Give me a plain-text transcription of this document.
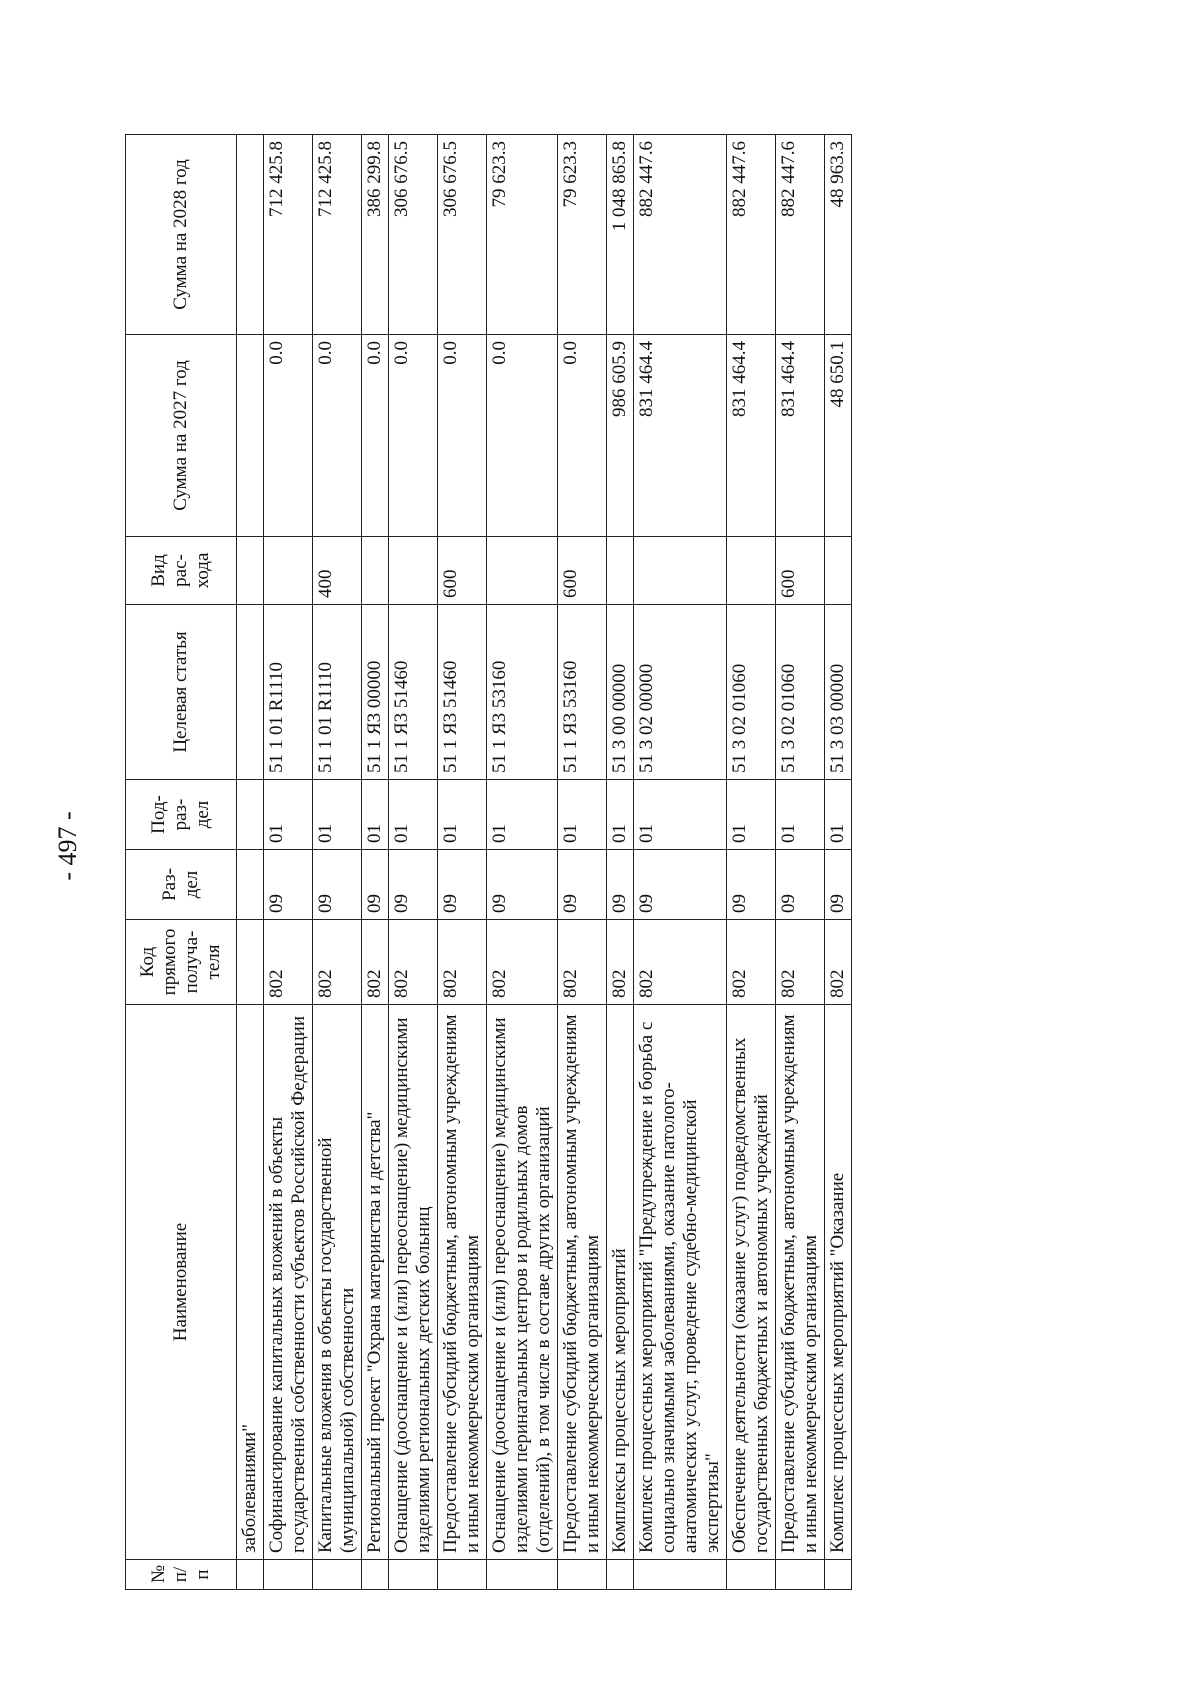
- 497 -
№ п/п	Наименование	Код прямого получа-теля	Раз-дел	Под-раз-дел	Целевая статья	Вид рас-хода	Сумма на 2027 год	Сумма на 2028 год
	заболеваниями"							
	Софинансирование капитальных вложений в объекты государственной собственности субъектов Российской Федерации	802	09	01	51 1 01 R1110		0.0	712 425.8
	Капитальные вложения в объекты государственной (муниципальной) собственности	802	09	01	51 1 01 R1110	400	0.0	712 425.8
	Региональный проект "Охрана материнства и детства"	802	09	01	51 1 Я3 00000		0.0	386 299.8
	Оснащение (дооснащение и (или) переоснащение) медицинскими изделиями региональных детских больниц	802	09	01	51 1 Я3 51460		0.0	306 676.5
	Предоставление субсидий бюджетным, автономным учреждениям и иным некоммерческим организациям	802	09	01	51 1 Я3 51460	600	0.0	306 676.5
	Оснащение (дооснащение и (или) переоснащение) медицинскими изделиями перинатальных центров и родильных домов (отделений), в том числе в составе других организаций	802	09	01	51 1 Я3 53160		0.0	79 623.3
	Предоставление субсидий бюджетным, автономным учреждениям и иным некоммерческим организациям	802	09	01	51 1 Я3 53160	600	0.0	79 623.3
	Комплексы процессных мероприятий	802	09	01	51 3 00 00000		986 605.9	1 048 865.8
	Комплекс процессных мероприятий "Предупреждение и борьба с социально значимыми заболеваниями, оказание патолого-анатомических услуг, проведение судебно-медицинской экспертизы"	802	09	01	51 3 02 00000		831 464.4	882 447.6
	Обеспечение деятельности (оказание услуг) подведомственных государственных бюджетных и автономных учреждений	802	09	01	51 3 02 01060		831 464.4	882 447.6
	Предоставление субсидий бюджетным, автономным учреждениям и иным некоммерческим организациям	802	09	01	51 3 02 01060	600	831 464.4	882 447.6
	Комплекс процессных мероприятий "Оказание	802	09	01	51 3 03 00000		48 650.1	48 963.3
